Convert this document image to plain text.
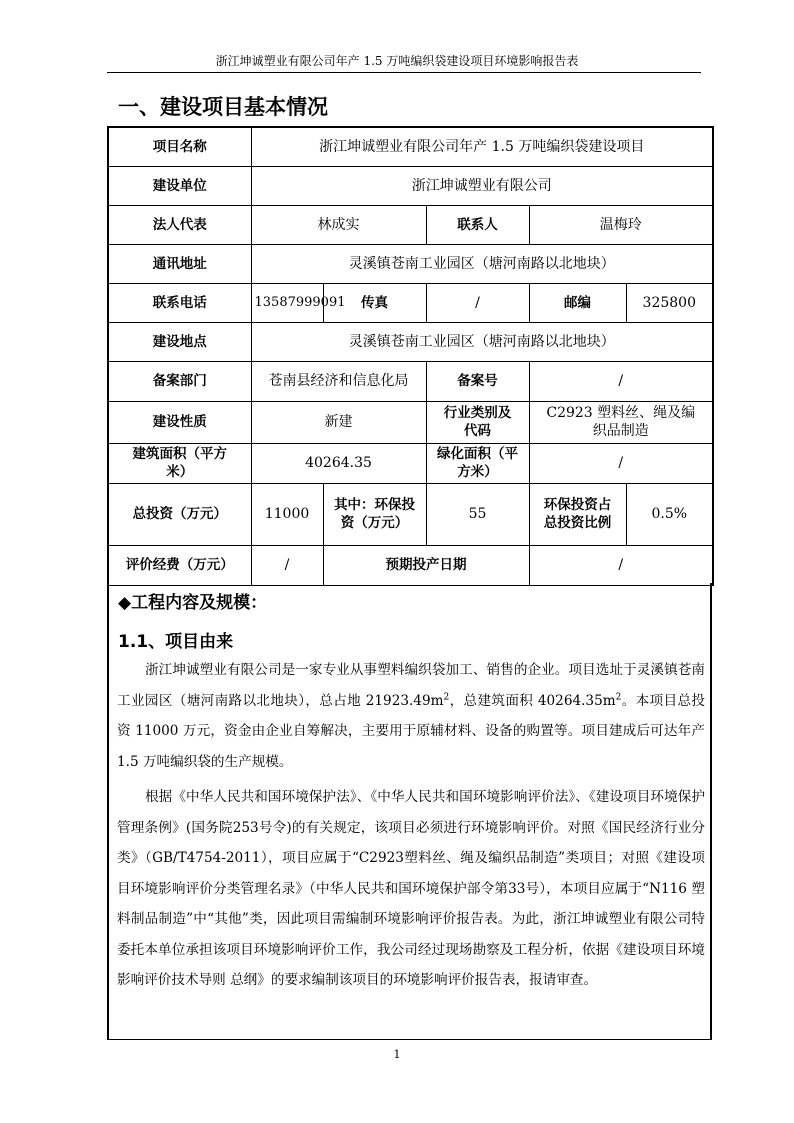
浙江坤诚塑业有限公司年产 1.5 万吨编织袋建设项目环境影响报告表
一、建设项目基本情况
项目名称	浙江坤诚塑业有限公司年产 1.5 万吨编织袋建设项目				
建设单位	浙江坤诚塑业有限公司				
法人代表	林成实		联系人	温梅玲	
通讯地址	灵溪镇苍南工业园区（塘河南路以北地块）				
联系电话	13587999091	传真	/	邮编	325800
建设地点	灵溪镇苍南工业园区（塘河南路以北地块）				
备案部门	苍南县经济和信息化局		备案号	/	
建设性质	新建		行业类别及代码	C2923 塑料丝、绳及编织品制造	
建筑面积（平方米）	40264.35		绿化面积（平方米）	/	
总投资（万元）	11000	其中：环保投资（万元）	55	环保投资占总投资比例	0.5%
评价经费（万元）	/	预期投产日期		/	
◆工程内容及规模：
1.1、项目由来
浙江坤诚塑业有限公司是一家专业从事塑料编织袋加工、销售的企业。项目选址于灵溪镇苍南工业园区（塘河南路以北地块），总占地 $21923.49m^2$，总建筑面积 $40264.35m^2$。本项目总投资 11000 万元，资金由企业自筹解决，主要用于原辅材料、设备的购置等。项目建成后可达年产 1.5 万吨编织袋的生产规模。
根据《中华人民共和国环境保护法》、《中华人民共和国环境影响评价法》、《建设项目环境保护管理条例》(国务院253号令)的有关规定，该项目必须进行环境影响评价。对照《国民经济行业分类》（GB/T4754-2011），项目应属于“C2923塑料丝、绳及编织品制造”类项目；对照《建设项目环境影响评价分类管理名录》（中华人民共和国环境保护部令第33号），本项目应属于“N116 塑料制品制造”中“其他”类，因此项目需编制环境影响评价报告表。为此，浙江坤诚塑业有限公司特委托本单位承担该项目环境影响评价工作，我公司经过现场勘察及工程分析，依据《建设项目环境影响评价技术导则 总纲》的要求编制该项目的环境影响评价报告表，报请审查。
1
